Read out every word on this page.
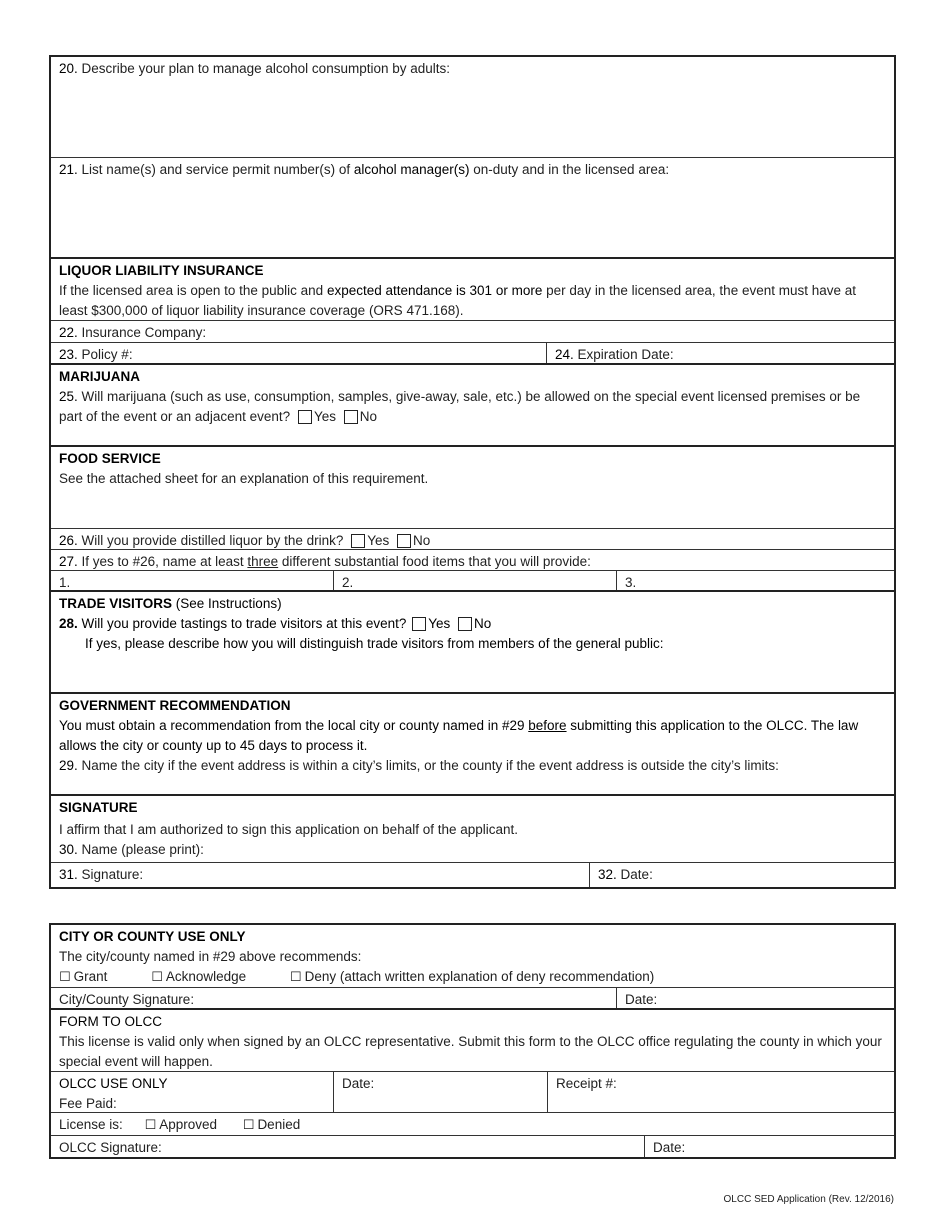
20. Describe your plan to manage alcohol consumption by adults:
21. List name(s) and service permit number(s) of alcohol manager(s) on-duty and in the licensed area:
LIQUOR LIABILITY INSURANCE
If the licensed area is open to the public and expected attendance is 301 or more per day in the licensed area, the event must have at least $300,000 of liquor liability insurance coverage (ORS 471.168).
22. Insurance Company:
23. Policy #:	24. Expiration Date:
MARIJUANA
25. Will marijuana (such as use, consumption, samples, give-away, sale, etc.) be allowed on the special event licensed premises or be part of the event or an adjacent event? Yes No
FOOD SERVICE
See the attached sheet for an explanation of this requirement.
26. Will you provide distilled liquor by the drink? Yes No
27. If yes to #26, name at least three different substantial food items that you will provide:
1.	2.	3.
TRADE VISITORS (See Instructions)
28. Will you provide tastings to trade visitors at this event? Yes No
If yes, please describe how you will distinguish trade visitors from members of the general public:
GOVERNMENT RECOMMENDATION
You must obtain a recommendation from the local city or county named in #29 before submitting this application to the OLCC. The law allows the city or county up to 45 days to process it.
29. Name the city if the event address is within a city’s limits, or the county if the event address is outside the city’s limits:
SIGNATURE
I affirm that I am authorized to sign this application on behalf of the applicant.
30. Name (please print):
31. Signature:	32. Date:
CITY OR COUNTY USE ONLY
The city/county named in #29 above recommends:
☐ Grant	☐ Acknowledge	☐ Deny (attach written explanation of deny recommendation)
City/County Signature:	Date:
FORM TO OLCC
This license is valid only when signed by an OLCC representative. Submit this form to the OLCC office regulating the county in which your special event will happen.
OLCC USE ONLY
Fee Paid:
Date:	Receipt #:
License is: ☐ Approved ☐ Denied
OLCC Signature:	Date:
OLCC SED Application (Rev. 12/2016)
